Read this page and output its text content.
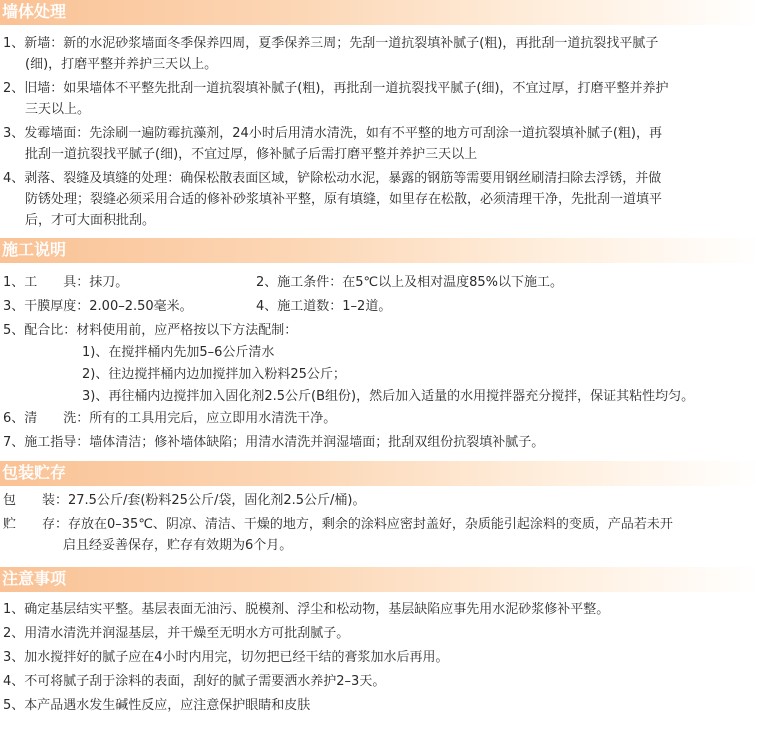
墙体处理
1、新墙：新的水泥砂浆墙面冬季保养四周，夏季保养三周；先刮一道抗裂填补腻子(粗)，再批刮一道抗裂找平腻子
(细)，打磨平整并养护三天以上。
2、旧墙：如果墙体不平整先批刮一道抗裂填补腻子(粗)，再批刮一道抗裂找平腻子(细)，不宜过厚，打磨平整并养护
三天以上。
3、发霉墙面：先涂刷一遍防霉抗藻剂，24小时后用清水清洗，如有不平整的地方可刮涂一道抗裂填补腻子(粗)，再
批刮一道抗裂找平腻子(细)，不宜过厚，修补腻子后需打磨平整并养护三天以上
4、剥落、裂缝及填缝的处理：确保松散表面区域，铲除松动水泥，暴露的钢筋等需要用钢丝刷清扫除去浮锈，并做
防锈处理；裂缝必须采用合适的修补砂浆填补平整，原有填缝，如里存在松散，必须清理干净，先批刮一道填平
后，才可大面积批刮。
施工说明
1、工　　具：抹刀。	2、施工条件：在5℃以上及相对温度85%以下施工。
3、干膜厚度：2.00–2.50毫米。	4、施工道数：1–2道。
5、配合比：材料使用前，应严格按以下方法配制：
1)、在搅拌桶内先加5–6公斤清水
2)、往边搅拌桶内边加搅拌加入粉料25公斤；
3)、再往桶内边搅拌加入固化剂2.5公斤(B组份)，然后加入适量的水用搅拌器充分搅拌，保证其粘性均匀。
6、清　　洗：所有的工具用完后，应立即用水清洗干净。
7、施工指导：墙体清洁；修补墙体缺陷；用清水清洗并润湿墙面；批刮双组份抗裂填补腻子。
包装贮存
包　　装：27.5公斤/套(粉料25公斤/袋，固化剂2.5公斤/桶)。
贮　　存：存放在0–35℃、阴凉、清洁、干燥的地方，剩余的涂料应密封盖好，杂质能引起涂料的变质，产品若未开
启且经妥善保存，贮存有效期为6个月。
注意事项
1、确定基层结实平整。基层表面无油污、脱模剂、浮尘和松动物，基层缺陷应事先用水泥砂浆修补平整。
2、用清水清洗并润湿基层，并干燥至无明水方可批刮腻子。
3、加水搅拌好的腻子应在4小时内用完，切勿把已经干结的膏浆加水后再用。
4、不可将腻子刮于涂料的表面，刮好的腻子需要洒水养护2–3天。
5、本产品遇水发生碱性反应，应注意保护眼睛和皮肤
